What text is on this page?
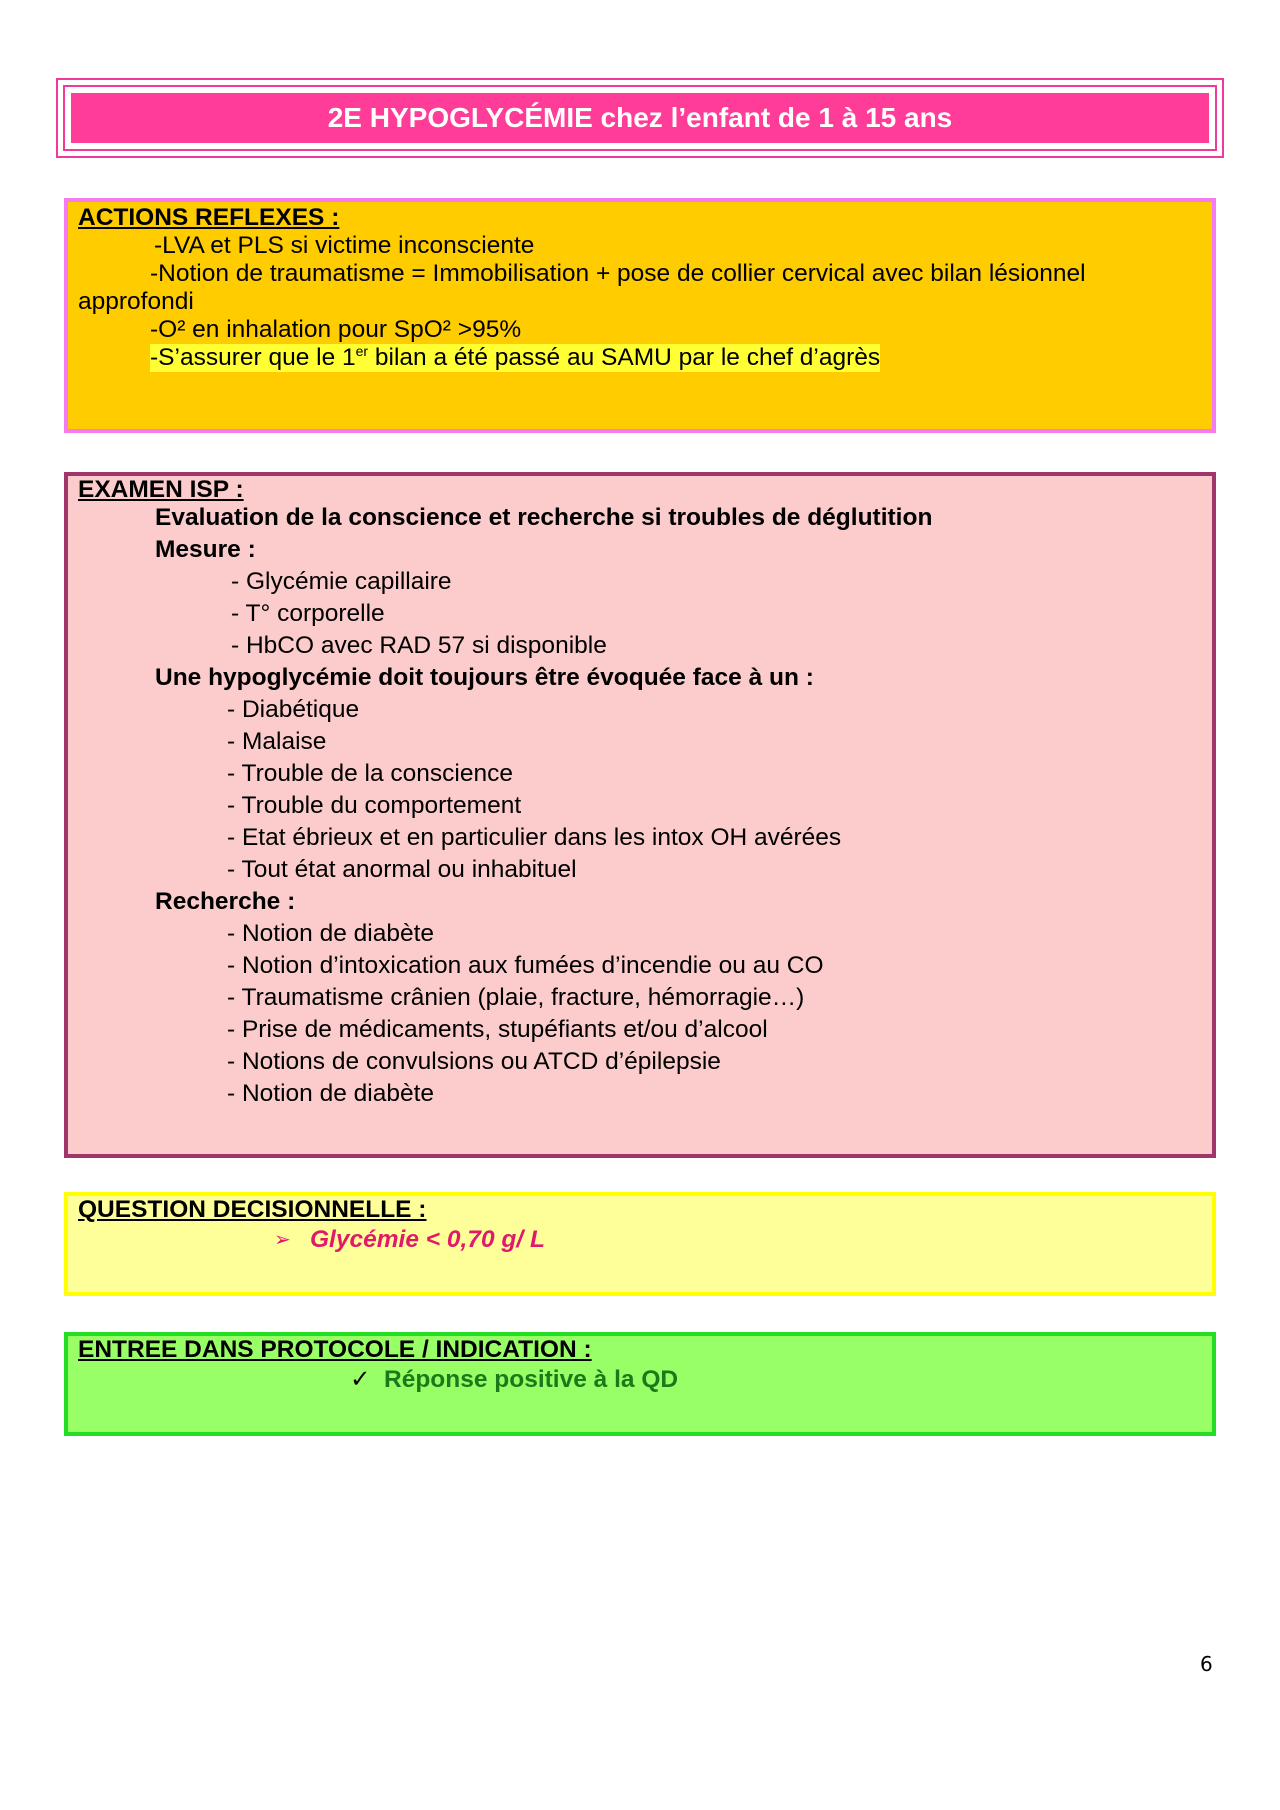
2E HYPOGLYCÉMIE chez l’enfant de 1 à 15 ans
ACTIONS REFLEXES :
-LVA et PLS si victime inconsciente
-Notion de traumatisme = Immobilisation + pose de collier cervical avec bilan lésionnel
approfondi
-O² en inhalation pour SpO² >95%
-S’assurer que le 1er bilan a été passé au SAMU par le chef d’agrès
EXAMEN ISP :
Evaluation de la conscience et recherche si troubles de déglutition
Mesure :
- Glycémie capillaire
- T° corporelle
- HbCO avec RAD 57 si disponible
Une hypoglycémie doit toujours être évoquée face à un :
- Diabétique
- Malaise
- Trouble de la conscience
- Trouble du comportement
- Etat ébrieux et en particulier dans les intox OH avérées
- Tout état anormal ou inhabituel
Recherche :
- Notion de diabète
- Notion d’intoxication aux fumées d’incendie ou au CO
- Traumatisme crânien (plaie, fracture, hémorragie…)
- Prise de médicaments, stupéfiants et/ou d’alcool
- Notions de convulsions ou ATCD d’épilepsie
- Notion de diabète
QUESTION DECISIONNELLE :
➢ Glycémie < 0,70 g/ L
ENTREE DANS PROTOCOLE / INDICATION :
✓ Réponse positive à la QD
6
